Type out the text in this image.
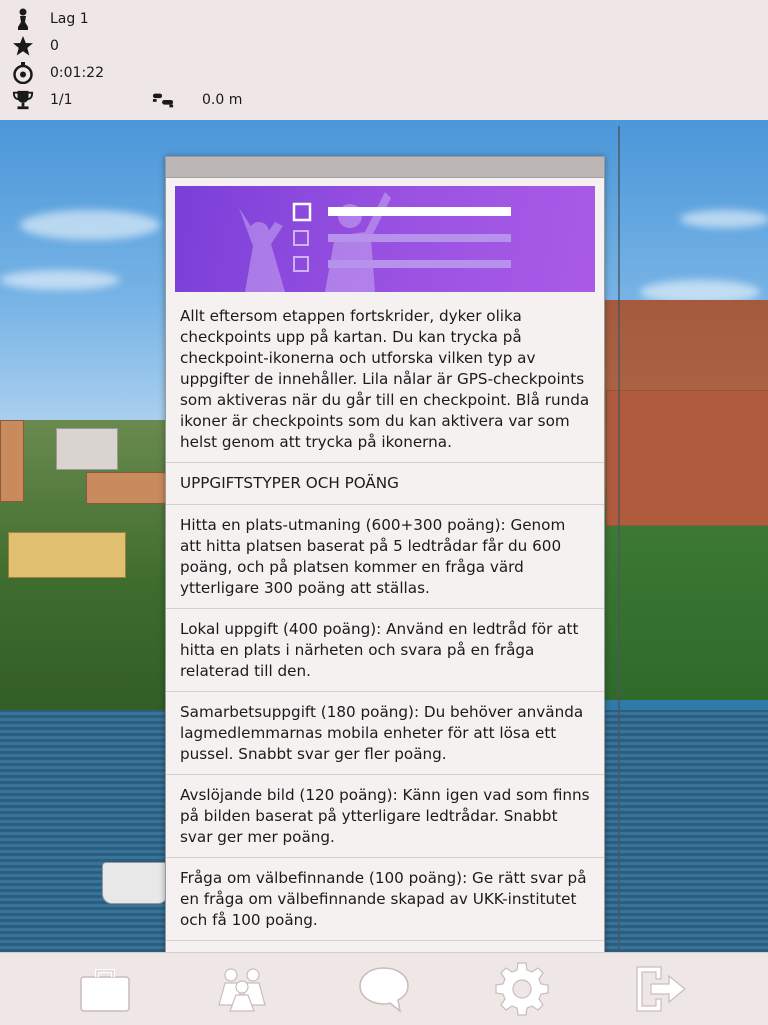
Lag 1
0
0:01:22
1/1	0.0 m
Allt eftersom etappen fortskrider, dyker olika checkpoints upp på kartan. Du kan trycka på checkpoint-ikonerna och utforska vilken typ av uppgifter de innehåller. Lila nålar är GPS-checkpoints som aktiveras när du går till en checkpoint. Blå runda ikoner är checkpoints som du kan aktivera var som helst genom att trycka på ikonerna.
UPPGIFTSTYPER OCH POÄNG
Hitta en plats-utmaning (600+300 poäng): Genom att hitta platsen baserat på 5 ledtrådar får du 600 poäng, och på platsen kommer en fråga värd ytterligare 300 poäng att ställas.
Lokal uppgift (400 poäng): Använd en ledtråd för att hitta en plats i närheten och svara på en fråga relaterad till den.
Samarbetsuppgift (180 poäng): Du behöver använda lagmedlemmarnas mobila enheter för att lösa ett pussel. Snabbt svar ger fler poäng.
Avslöjande bild (120 poäng): Känn igen vad som finns på bilden baserat på ytterligare ledtrådar. Snabbt svar ger mer poäng.
Fråga om välbefinnande (100 poäng): Ge rätt svar på en fråga om välbefinnande skapad av UKK-institutet och få 100 poäng.
